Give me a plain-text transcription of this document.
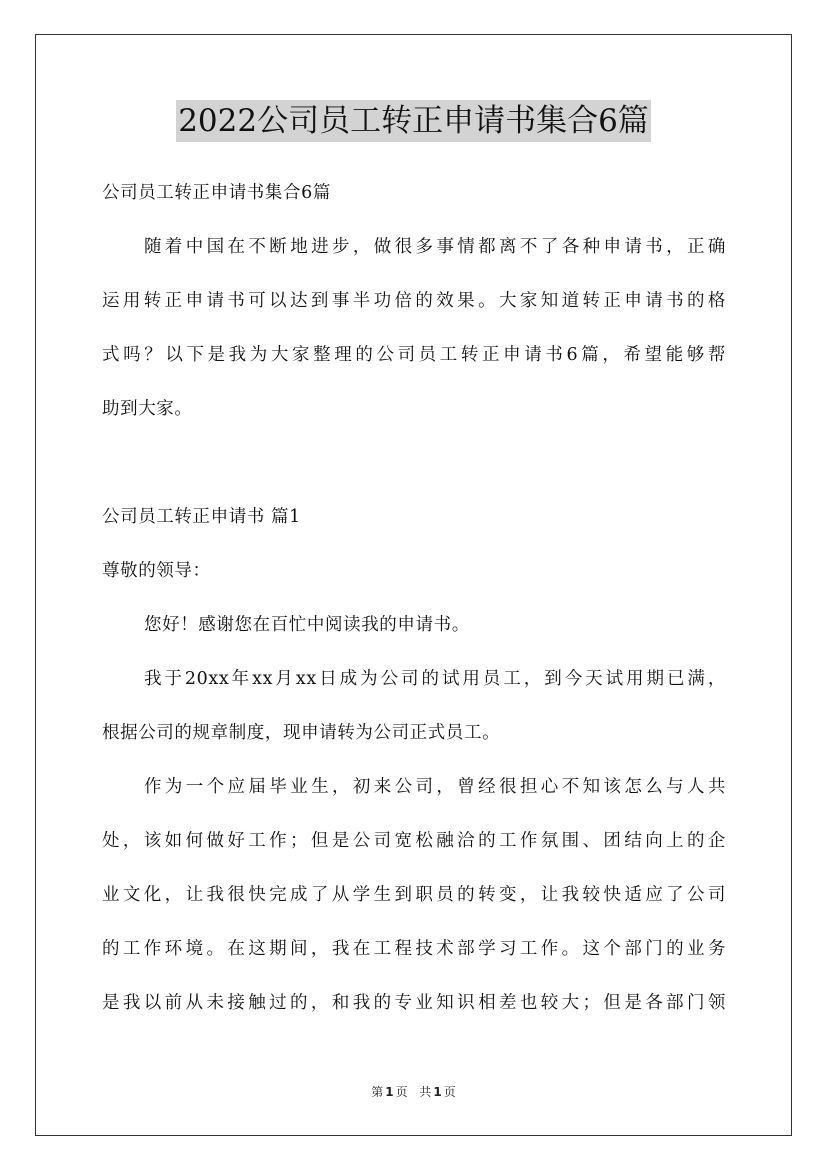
2022公司员工转正申请书集合6篇
公司员工转正申请书集合6篇
随着中国在不断地进步，做很多事情都离不了各种申请书，正确
运用转正申请书可以达到事半功倍的效果。大家知道转正申请书的格
式吗？以下是我为大家整理的公司员工转正申请书6篇，希望能够帮
助到大家。
公司员工转正申请书 篇1
尊敬的领导：
您好！感谢您在百忙中阅读我的申请书。
我于20xx年xx月xx日成为公司的试用员工，到今天试用期已满，
根据公司的规章制度，现申请转为公司正式员工。
作为一个应届毕业生，初来公司，曾经很担心不知该怎么与人共
处，该如何做好工作；但是公司宽松融洽的工作氛围、团结向上的企
业文化，让我很快完成了从学生到职员的转变，让我较快适应了公司
的工作环境。在这期间，我在工程技术部学习工作。这个部门的业务
是我以前从未接触过的，和我的专业知识相差也较大；但是各部门领
第 1 页 共 1 页
